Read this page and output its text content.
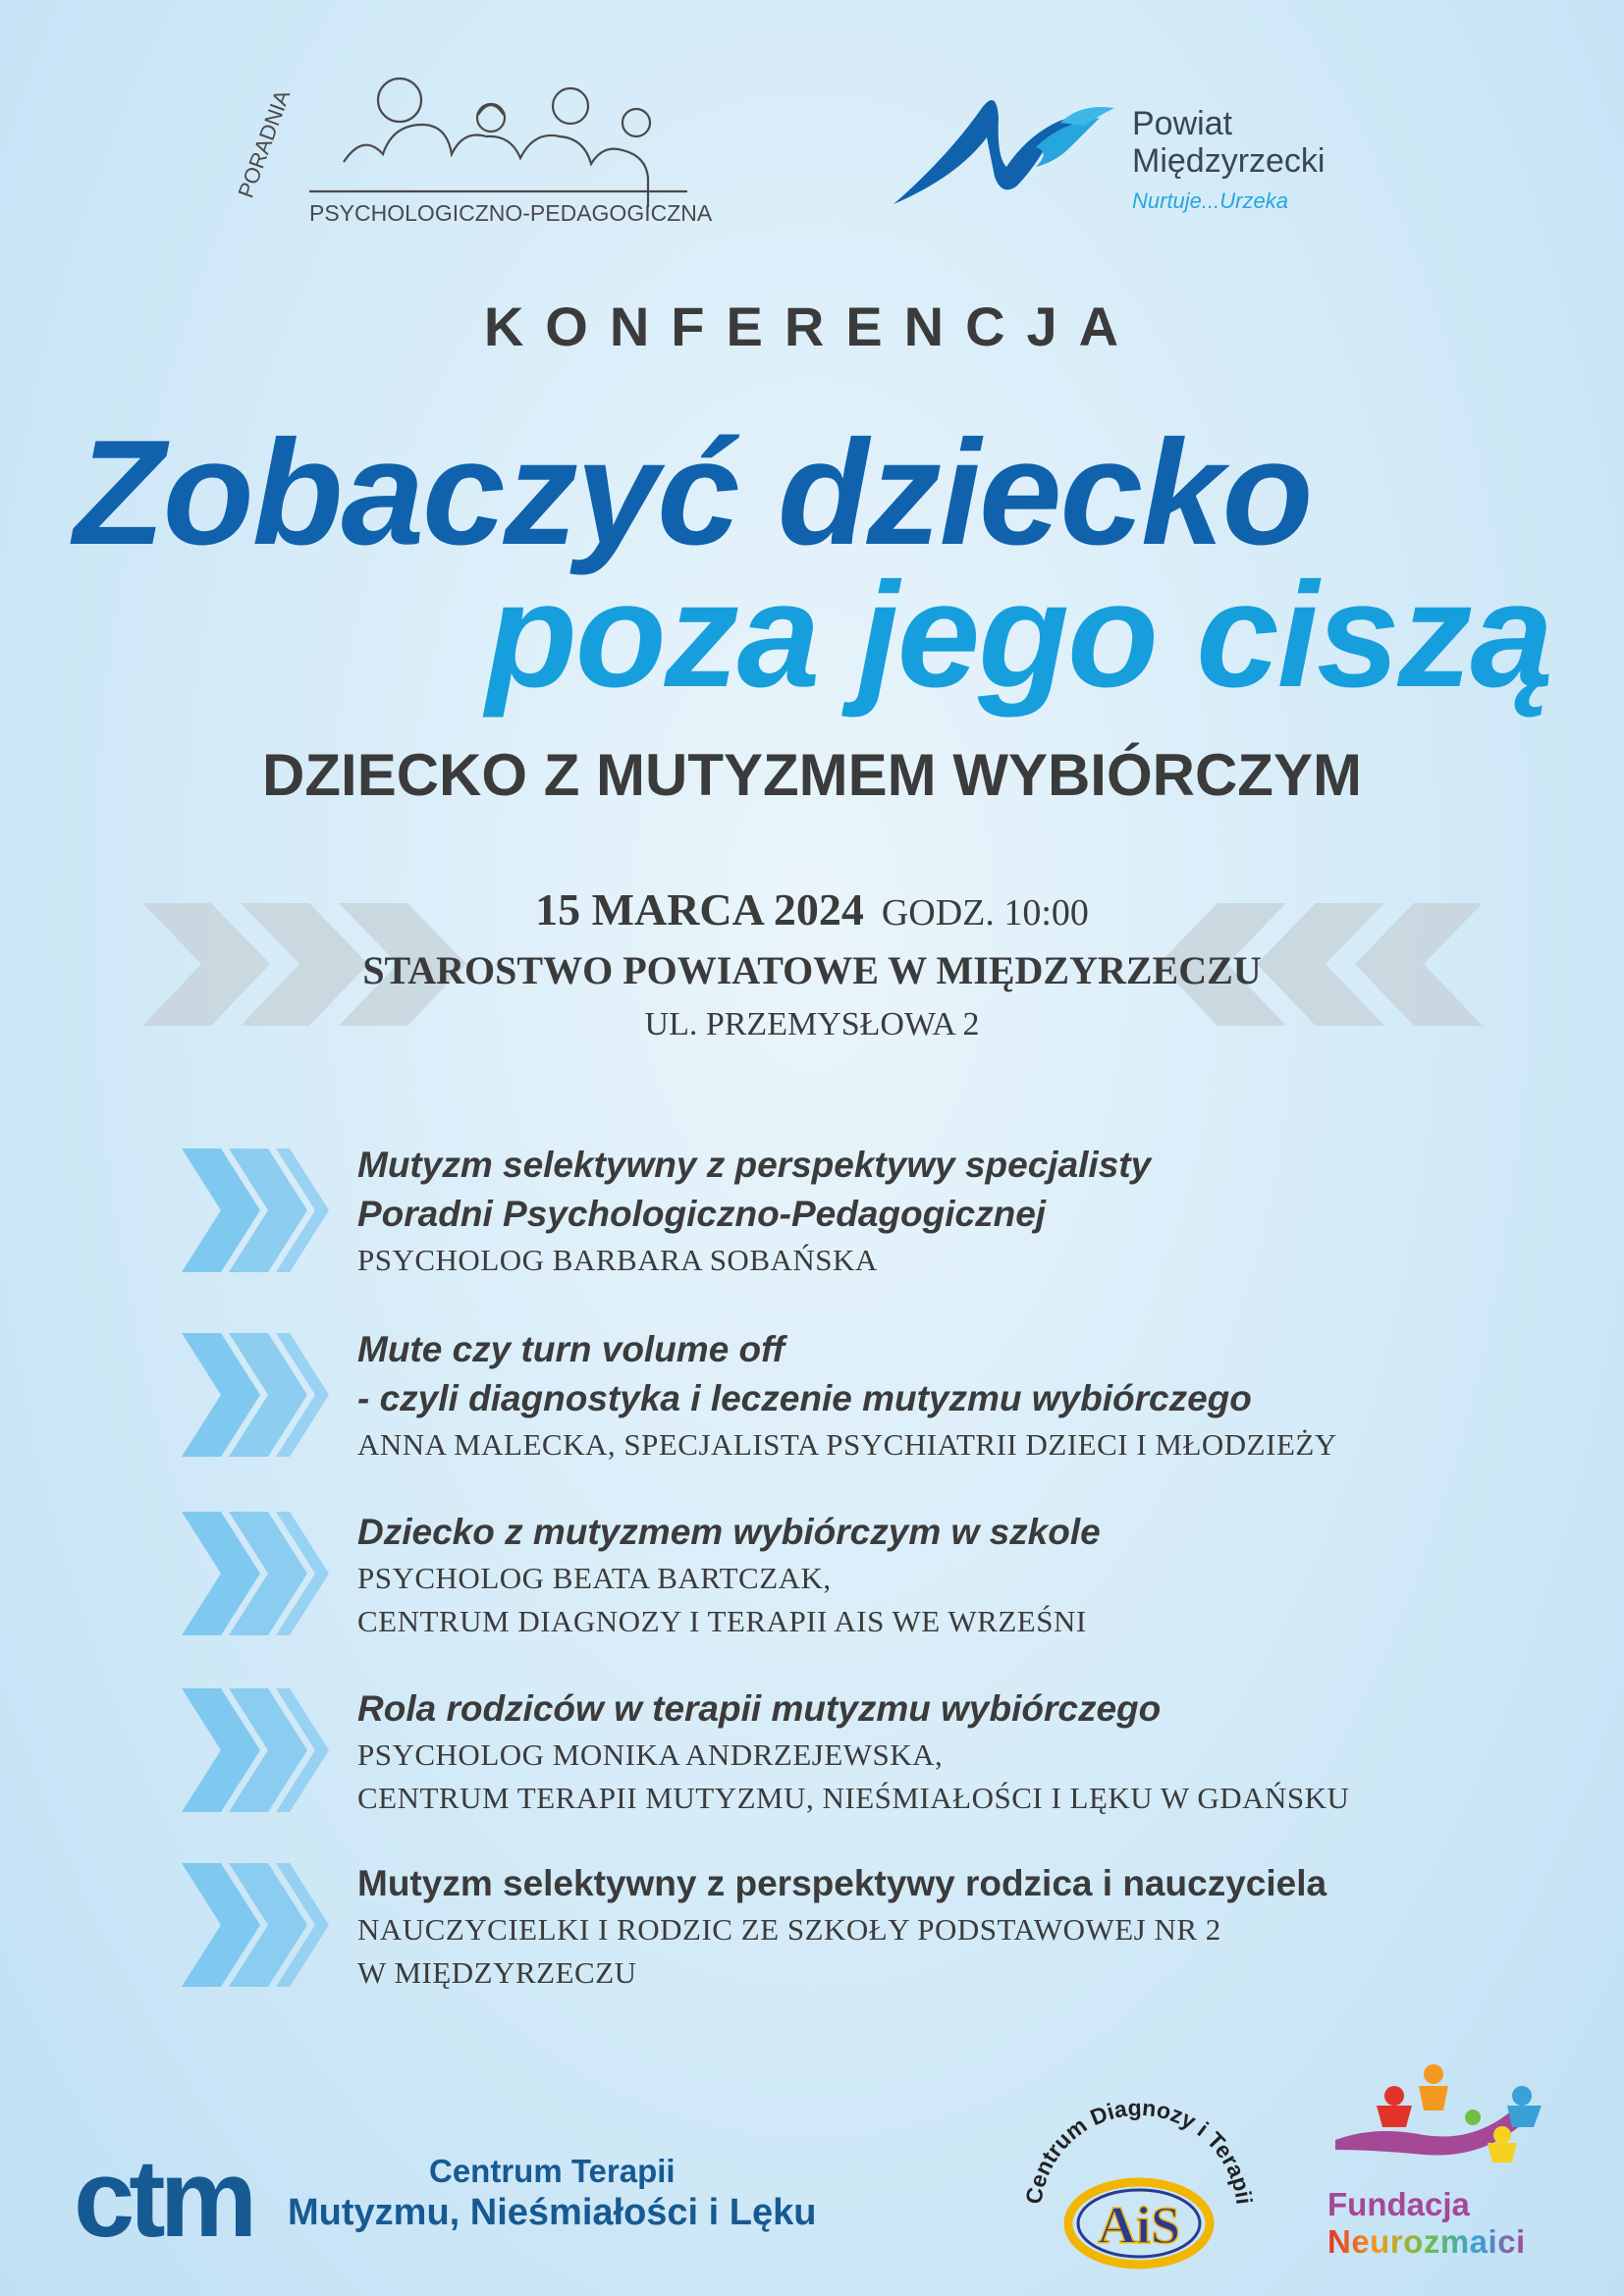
PORADNIA
PSYCHOLOGICZNO-PEDAGOGICZNA
Powiat
Międzyrzecki
Nurtuje...Urzeka
KONFERENCJA
Zobaczyć dziecko
poza jego ciszą
DZIECKO Z MUTYZMEM WYBIÓRCZYM
15 MARCA 2024 GODZ. 10:00
STAROSTWO POWIATOWE W MIĘDZYRZECZU
UL. PRZEMYSŁOWA 2
Mutyzm selektywny z perspektywy specjalisty
Poradni Psychologiczno-Pedagogicznej
PSYCHOLOG BARBARA SOBAŃSKA
Mute czy turn volume off
- czyli diagnostyka i leczenie mutyzmu wybiórczego
ANNA MALECKA, SPECJALISTA PSYCHIATRII DZIECI I MŁODZIEŻY
Dziecko z mutyzmem wybiórczym w szkole
PSYCHOLOG BEATA BARTCZAK,
CENTRUM DIAGNOZY I TERAPII AIS WE WRZEŚNI
Rola rodziców w terapii mutyzmu wybiórczego
PSYCHOLOG MONIKA ANDRZEJEWSKA,
CENTRUM TERAPII MUTYZMU, NIEŚMIAŁOŚCI I LĘKU W GDAŃSKU
Mutyzm selektywny z perspektywy rodzica i nauczyciela
NAUCZYCIELKI I RODZIC ZE SZKOŁY PODSTAWOWEJ NR 2
W MIĘDZYRZECZU
ctm	Centrum Terapii
Mutyzmu, Nieśmiałości i Lęku	Centrum Diagnozy i Terapii
AiS	Fundacja
Neurozmaici
